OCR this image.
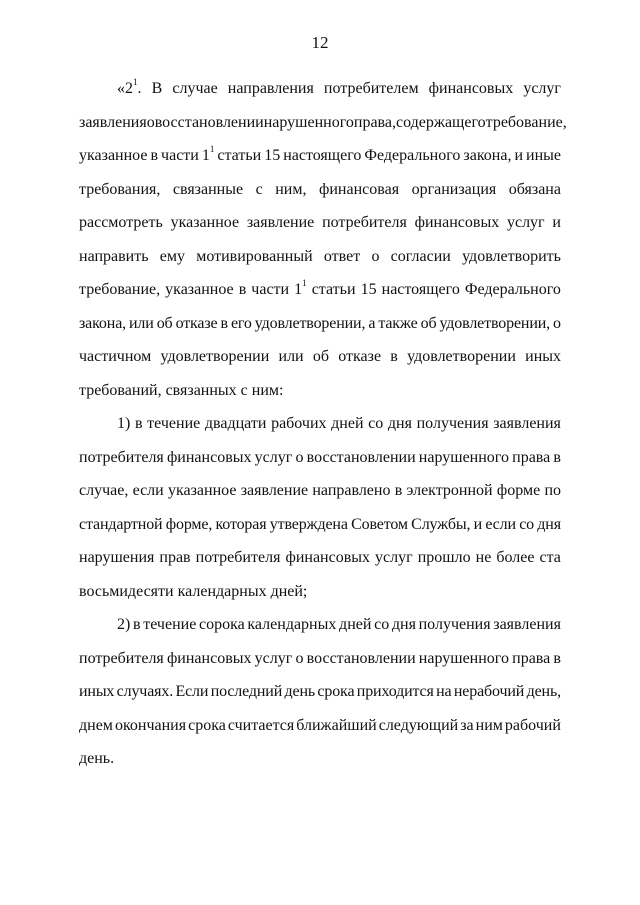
12
«$2^1$. В случае направления потребителем финансовых услуг
заявления о восстановлении нарушенного права, содержащего требование,
указанное в части $1^1$ статьи 15 настоящего Федерального закона, и иные
требования, связанные с ним, финансовая организация обязана
рассмотреть указанное заявление потребителя финансовых услуг и
направить ему мотивированный ответ о согласии удовлетворить
требование, указанное в части $1^1$ статьи 15 настоящего Федерального
закона, или об отказе в его удовлетворении, а также об удовлетворении, о
частичном удовлетворении или об отказе в удовлетворении иных
требований, связанных с ним:
1) в течение двадцати рабочих дней со дня получения заявления
потребителя финансовых услуг о восстановлении нарушенного права в
случае, если указанное заявление направлено в электронной форме по
стандартной форме, которая утверждена Советом Службы, и если со дня
нарушения прав потребителя финансовых услуг прошло не более ста
восьмидесяти календарных дней;
2) в течение сорока календарных дней со дня получения заявления
потребителя финансовых услуг о восстановлении нарушенного права в
иных случаях. Если последний день срока приходится на нерабочий день,
днем окончания срока считается ближайший следующий за ним рабочий
день.
